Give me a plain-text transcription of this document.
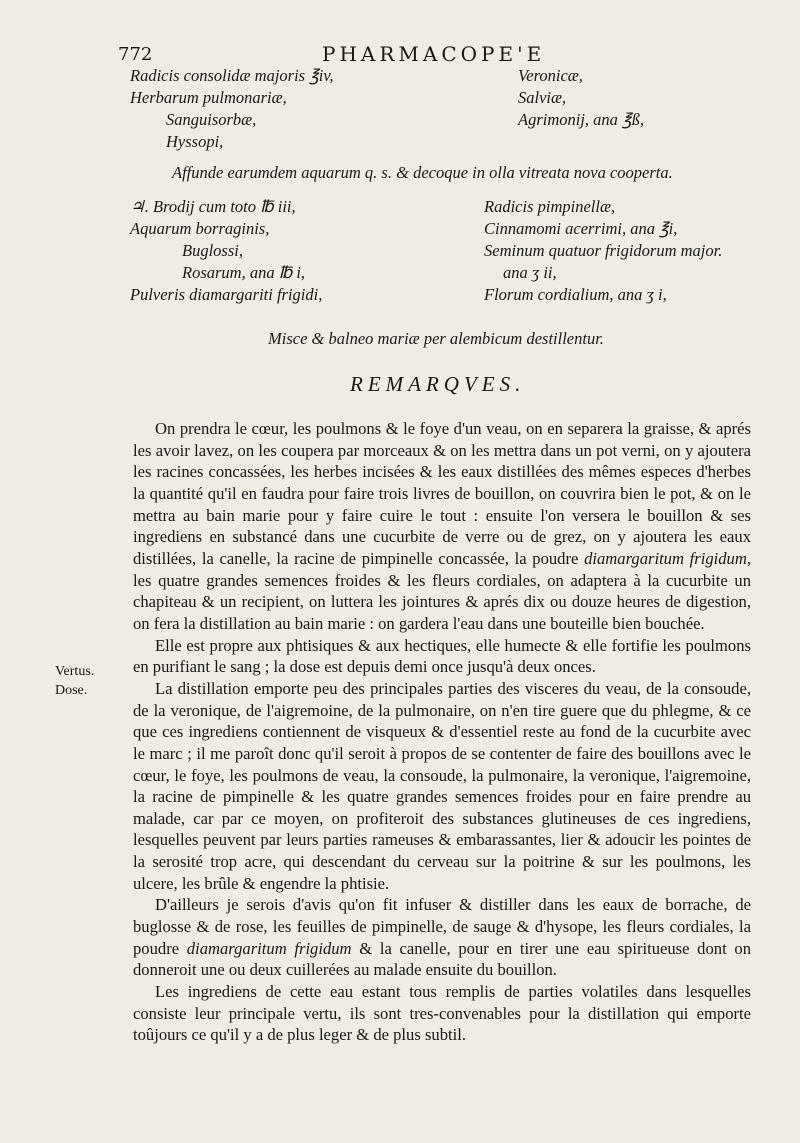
772	PHARMACOPE'E
Radicis consolidæ majoris ℥iv,
Herbarum pulmonariæ,
Sanguisorbæ,
Hyssopi,
Veronicæ,
Salviæ,
Agrimonij, ana ℥ß,
Affunde earumdem aquarum q. s. & decoque in olla vitreata nova cooperta.
♃. Brodij cum toto ℔ iii,
Aquarum borraginis,
Buglossi,
Rosarum, ana ℔ i,
Pulveris diamargariti frigidi,
Radicis pimpinellæ,
Cinnamomi acerrimi, ana ℥i,
Seminum quatuor frigidorum major.
ana ʒ ii,
Florum cordialium, ana ʒ i,
Misce & balneo mariæ per alembicum destillentur.
REMARQVES.
Vertus.
Dose.

On prendra le cœur, les poulmons & le foye d'un veau, on en separera la graisse, & aprés les avoir lavez, on les coupera par morceaux & on les mettra dans un pot verni, on y ajoutera les racines concassées, les herbes incisées & les eaux distillées des mêmes especes d'herbes la quantité qu'il en faudra pour faire trois livres de bouillon, on couvrira bien le pot, & on le mettra au bain marie pour y faire cuire le tout : ensuite l'on versera le bouillon & ses ingrediens en substancé dans une cucurbite de verre ou de grez, on y ajoutera les eaux distillées, la canelle, la racine de pimpinelle concassée, la poudre diamargaritum frigidum, les quatre grandes semences froides & les fleurs cordiales, on adaptera à la cucurbite un chapiteau & un recipient, on luttera les jointures & aprés dix ou douze heures de digestion, on fera la distillation au bain marie : on gardera l'eau dans une bouteille bien bouchée.

Elle est propre aux phtisiques & aux hectiques, elle humecte & elle fortifie les poulmons en purifiant le sang ; la dose est depuis demi once jusqu'à deux onces.

La distillation emporte peu des principales parties des visceres du veau, de la consoude, de la veronique, de l'aigremoine, de la pulmonaire, on n'en tire guere que du phlegme, & ce que ces ingrediens contiennent de visqueux & d'essentiel reste au fond de la cucurbite avec le marc ; il me paroît donc qu'il seroit à propos de se contenter de faire des bouillons avec le cœur, le foye, les poulmons de veau, la consoude, la pulmonaire, la veronique, l'aigremoine, la racine de pimpinelle & les quatre grandes semences froides pour en faire prendre au malade, car par ce moyen, on profiteroit des substances glutineuses de ces ingrediens, lesquelles peuvent par leurs parties rameuses & embarassantes, lier & adoucir les pointes de la serosité trop acre, qui descendant du cerveau sur la poitrine & sur les poulmons, les ulcere, les brûle & engendre la phtisie.

D'ailleurs je serois d'avis qu'on fit infuser & distiller dans les eaux de borrache, de buglosse & de rose, les feuilles de pimpinelle, de sauge & d'hysope, les fleurs cordiales, la poudre diamargaritum frigidum & la canelle, pour en tirer une eau spiritueuse dont on donneroit une ou deux cuillerées au malade ensuite du bouillon.

Les ingrediens de cette eau estant tous remplis de parties volatiles dans lesquelles consiste leur principale vertu, ils sont tres-convenables pour la distillation qui emporte toûjours ce qu'il y a de plus leger & de plus subtil.
